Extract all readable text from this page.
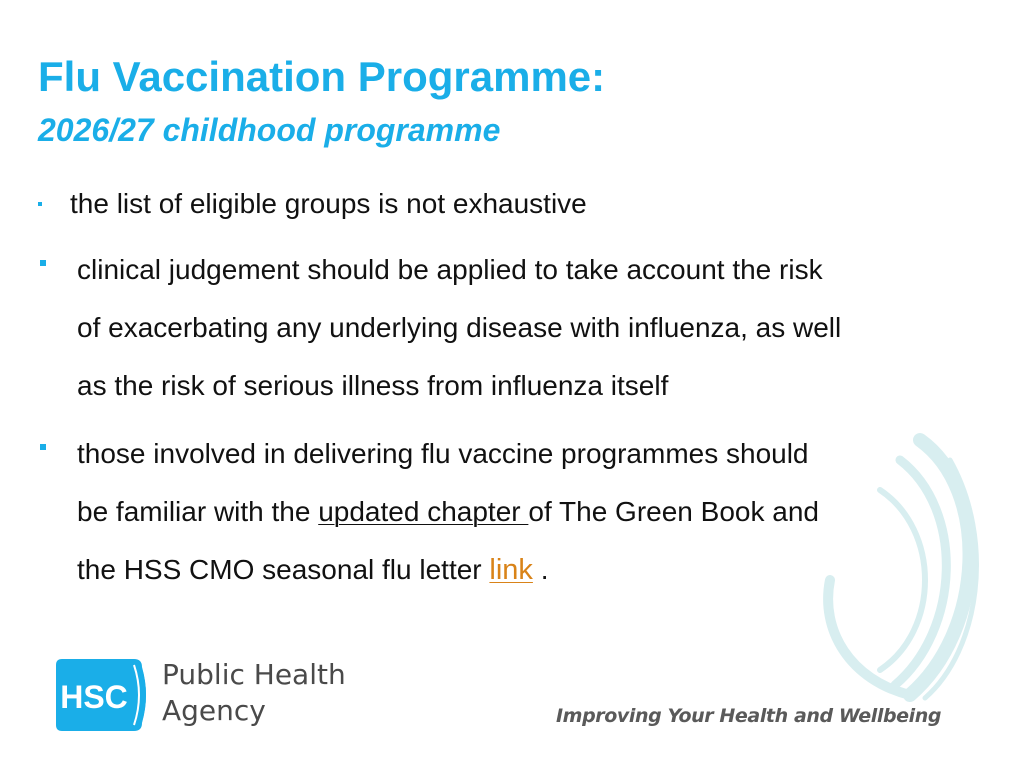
Flu Vaccination Programme:
2026/27 childhood programme
the list of eligible groups is not exhaustive
clinical judgement should be applied to take account the risk
of exacerbating any underlying disease with influenza, as well
as the risk of serious illness from influenza itself
those involved in delivering flu vaccine programmes should
be familiar with the updated chapter of The Green Book and
the HSS CMO seasonal flu letter link .
HSC
Public Health
Agency	Improving Your Health and Wellbeing
